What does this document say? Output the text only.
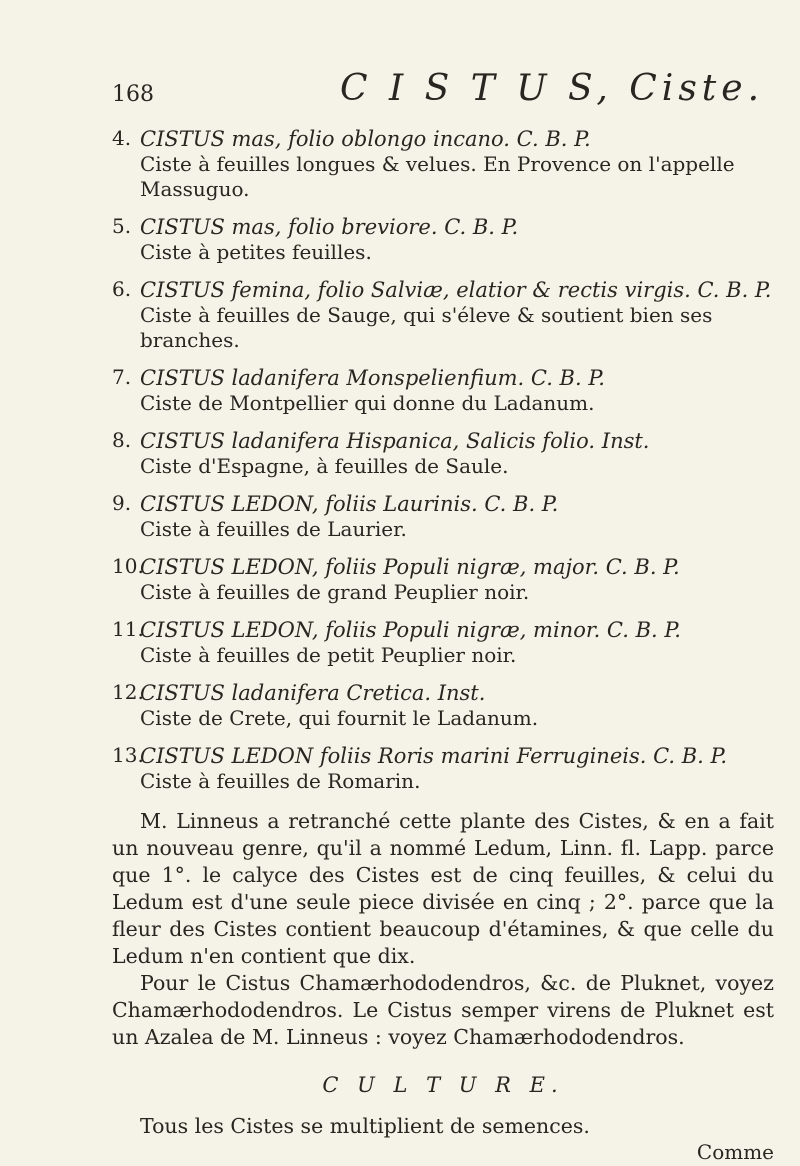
168	C I S T U S, Ciste.
4. CISTUS mas, folio oblongo incano. C. B. P.
Ciste à feuilles longues & velues. En Provence on l'appelle Massuguo.
5. CISTUS mas, folio breviore. C. B. P.
Ciste à petites feuilles.
6. CISTUS femina, folio Salviæ, elatior & rectis virgis. C. B. P.
Ciste à feuilles de Sauge, qui s'éleve & soutient bien ses branches.
7. CISTUS ladanifera Monspelienfium. C. B. P.
Ciste de Montpellier qui donne du Ladanum.
8. CISTUS ladanifera Hispanica, Salicis folio. Inst.
Ciste d'Espagne, à feuilles de Saule.
9. CISTUS LEDON, foliis Laurinis. C. B. P.
Ciste à feuilles de Laurier.
10.
CISTUS LEDON, foliis Populi nigræ, major. C. B. P.
Ciste à feuilles de grand Peuplier noir.
11.
CISTUS LEDON, foliis Populi nigræ, minor. C. B. P.
Ciste à feuilles de petit Peuplier noir.
12.
CISTUS ladanifera Cretica. Inst.
Ciste de Crete, qui fournit le Ladanum.
13.
CISTUS LEDON foliis Roris marini Ferrugineis. C. B. P.
Ciste à feuilles de Romarin.

M. Linneus a retranché cette plante des Cistes, & en a fait un nouveau genre, qu'il a nommé Ledum, Linn. fl. Lapp. parce que 1°. le calyce des Cistes est de cinq feuilles, & celui du Ledum est d'une seule piece divisée en cinq ; 2°. parce que la fleur des Cistes contient beaucoup d'étamines, & que celle du Ledum n'en contient que dix.

Pour le Cistus Chamærhododendros, &c. de Pluknet, voyez Chamærhododendros. Le Cistus semper virens de Pluknet est un Azalea de M. Linneus : voyez Chamærhododendros.

C U L T U R E.

Tous les Cistes se multiplient de semences.

Comme
